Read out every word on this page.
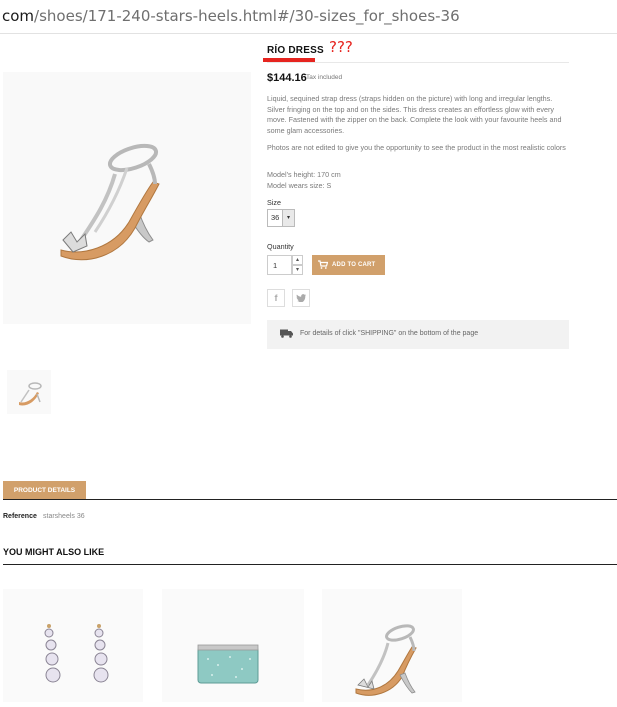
com/shoes/171-240-stars-heels.html#/30-sizes_for_shoes-36
RÍO DRESS ???
$144.16 Tax included

Liquid, sequined strap dress (straps hidden on the picture) with long and irregular lengths. Silver fringing on the top and on the sides. This dress creates an effortless glow with every move. Fastened with the zipper on the back. Complete the look with your favourite heels and some glam accessories.

Photos are not edited to give you the opportunity to see the product in the most realistic colors

Model's height: 170 cm
Model wears size: S
Size
36	▾
Quantity
1
▴
▾
ADD TO CART
f
For details of click "SHIPPING" on the bottom of the page
PRODUCT DETAILS
Reference starsheels 36
YOU MIGHT ALSO LIKE
